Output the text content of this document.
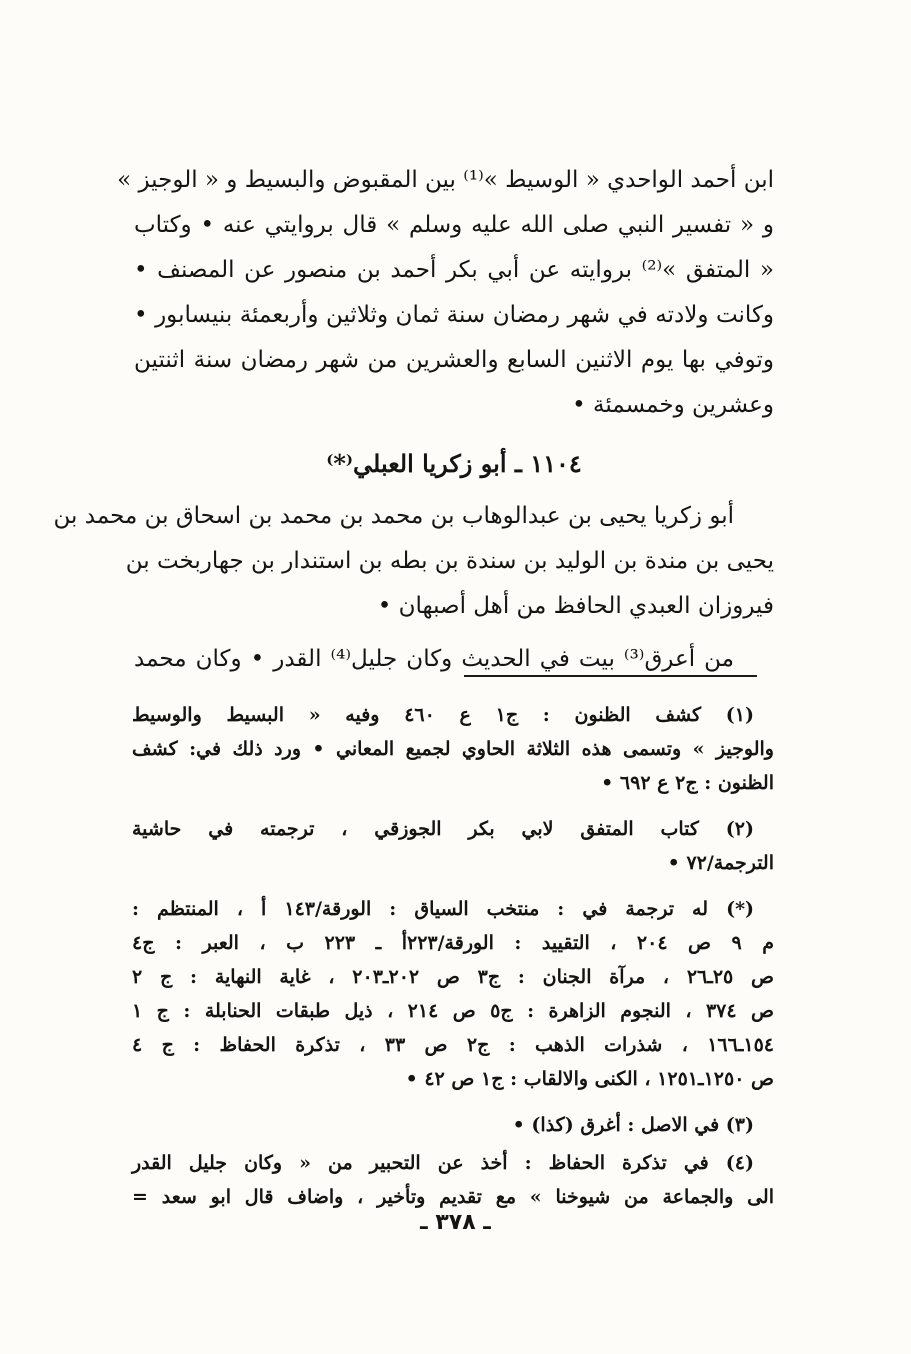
ابن أحمد الواحدي « الوسيط »⁽¹⁾ بين المقبوض والبسيط و « الوجيز »
و « تفسير النبي صلى الله عليه وسلم » قال بروايتي عنه • وكتاب
« المتفق »⁽²⁾ بروايته عن أبي بكر أحمد بن منصور عن المصنف •
وكانت ولادته في شهر رمضان سنة ثمان وثلاثين وأربعمئة بنيسابور •
وتوفي بها يوم الاثنين السابع والعشرين من شهر رمضان سنة اثنتين
وعشرين وخمسمئة •
١١٠٤ ـ أبو زكريا العبلي⁽*⁾
أبو زكريا يحيى بن عبدالوهاب بن محمد بن محمد بن اسحاق بن محمد بن
يحيى بن مندة بن الوليد بن سندة بن بطه بن استندار بن جهاربخت بن
فيروزان العبدي الحافظ من أهل أصبهان •
من أعرق⁽³⁾ بيت في الحديث وكان جليل⁽⁴⁾ القدر • وكان محمد
(١) كشف الظنون : ج١ ع ٤٦٠ وفيه « البسيط والوسيط
والوجيز » وتسمى هذه الثلاثة الحاوي لجميع المعاني • ورد ذلك في: كشف
الظنون : ج٢ ع ٦٩٢ •
(٢) كتاب المتفق لابي بكر الجوزقي ، ترجمته في حاشية
الترجمة/٧٢ •
(*) له ترجمة في : منتخب السياق : الورقة/١٤٣ أ ، المنتظم :
م ٩ ص ٢٠٤ ، التقييد : الورقة/٢٢٣أ ـ ٢٢٣ ب ، العبر : ج٤
ص ٢٥ـ٢٦ ، مرآة الجنان : ج٣ ص ٢٠٢ـ٢٠٣ ، غاية النهاية : ج ٢
ص ٣٧٤ ، النجوم الزاهرة : ج٥ ص ٢١٤ ، ذيل طبقات الحنابلة : ج ١
١٥٤ـ١٦٦ ، شذرات الذهب : ج٢ ص ٣٣ ، تذكرة الحفاظ : ج ٤
ص ١٢٥٠ـ١٢٥١ ، الكنى والالقاب : ج١ ص ٤٢ •
(٣) في الاصل : أغرق (كذا) •
(٤) في تذكرة الحفاظ : أخذ عن التحبير من « وكان جليل القدر
الى والجماعة من شيوخنا » مع تقديم وتأخير ، واضاف قال ابو سعد =
ـ ٣٧٨ ـ
